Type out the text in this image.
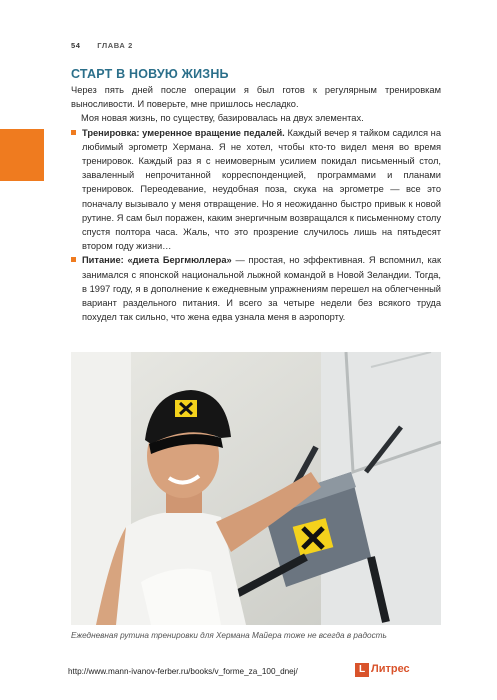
54 ГЛАВА 2
СТАРТ В НОВУЮ ЖИЗНЬ

Через пять дней после операции я был готов к регулярным тренировкам выносливости. И поверьте, мне пришлось несладко.

Моя новая жизнь, по существу, базировалась на двух элементах.

Тренировка: умеренное вращение педалей. Каждый вечер я тайком садился на любимый эргометр Хермана. Я не хотел, чтобы кто-то видел меня во время тренировок. Каждый раз я с неимоверным усилием покидал письменный стол, заваленный непрочитанной корреспонденцией, программами и планами тренировок. Переодевание, неудобная поза, скука на эргометре — все это поначалу вызывало у меня отвращение. Но я неожиданно быстро привык к новой рутине. Я сам был поражен, каким энергичным возвращался к письменному столу спустя полтора часа. Жаль, что это прозрение случилось лишь на пятьдесят втором году жизни…
Питание: «диета Бергмюллера» — простая, но эффективная. Я вспомнил, как занимался с японской национальной лыжной командой в Новой Зеландии. Тогда, в 1997 году, я в дополнение к ежедневным упражнениям перешел на облегченный вариант раздельного питания. И всего за четыре недели без всякого труда похудел так сильно, что жена едва узнала меня в аэропорту.
Ежедневная рутина тренировки для Хермана Майера тоже не всегда в радость
http://www.mann-ivanov-ferber.ru/books/v_forme_za_100_dnej/	L Литрес
